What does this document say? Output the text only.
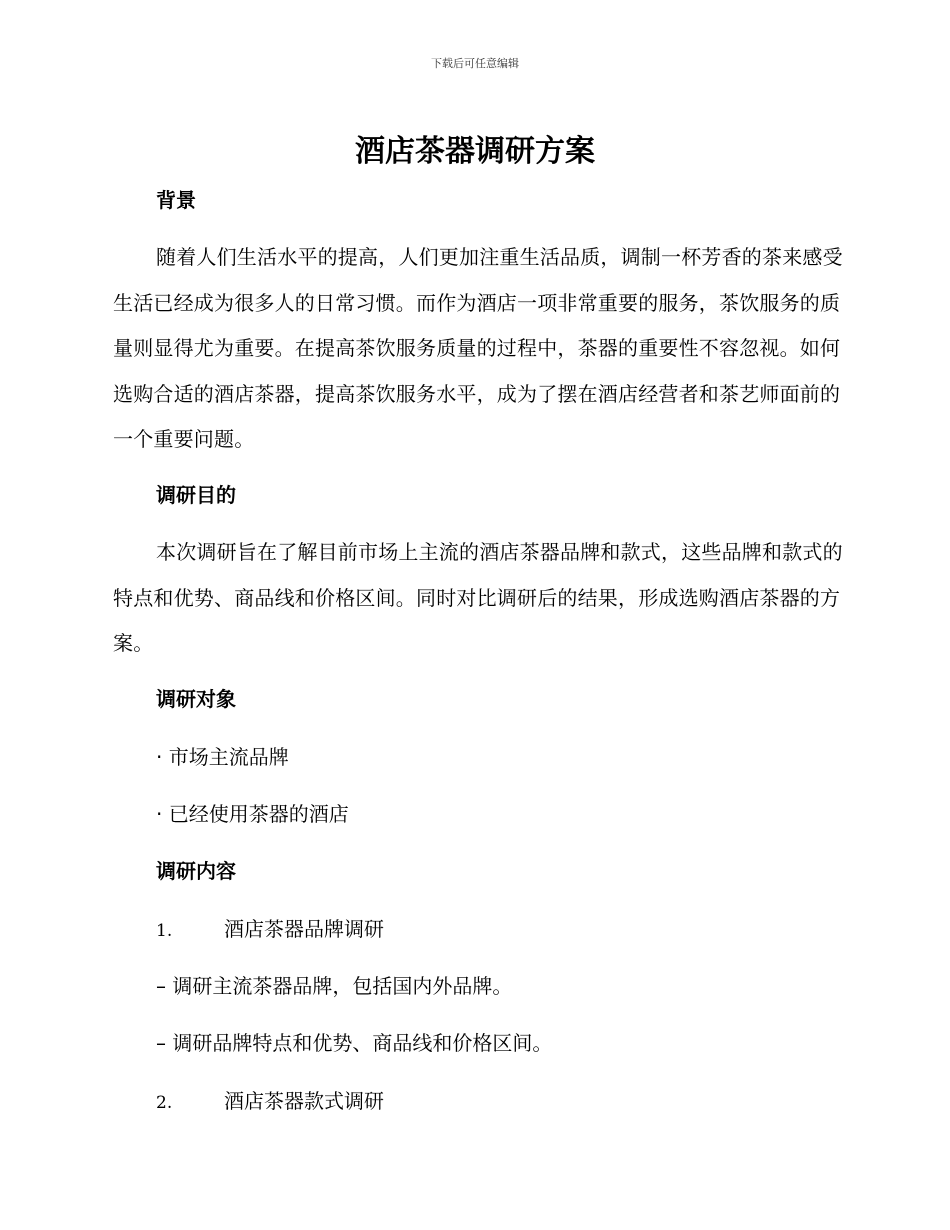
下载后可任意编辑
酒店茶器调研方案
背景

随着人们生活水平的提高，人们更加注重生活品质，调制一杯芳香的茶来感受生活已经成为很多人的日常习惯。而作为酒店一项非常重要的服务，茶饮服务的质量则显得尤为重要。在提高茶饮服务质量的过程中，茶器的重要性不容忽视。如何选购合适的酒店茶器，提高茶饮服务水平，成为了摆在酒店经营者和茶艺师面前的一个重要问题。

调研目的

本次调研旨在了解目前市场上主流的酒店茶器品牌和款式，这些品牌和款式的特点和优势、商品线和价格区间。同时对比调研后的结果，形成选购酒店茶器的方案。

调研对象
· 市场主流品牌
· 已经使用茶器的酒店
调研内容
1.	酒店茶器品牌调研
– 调研主流茶器品牌，包括国内外品牌。
– 调研品牌特点和优势、商品线和价格区间。
2.	酒店茶器款式调研
